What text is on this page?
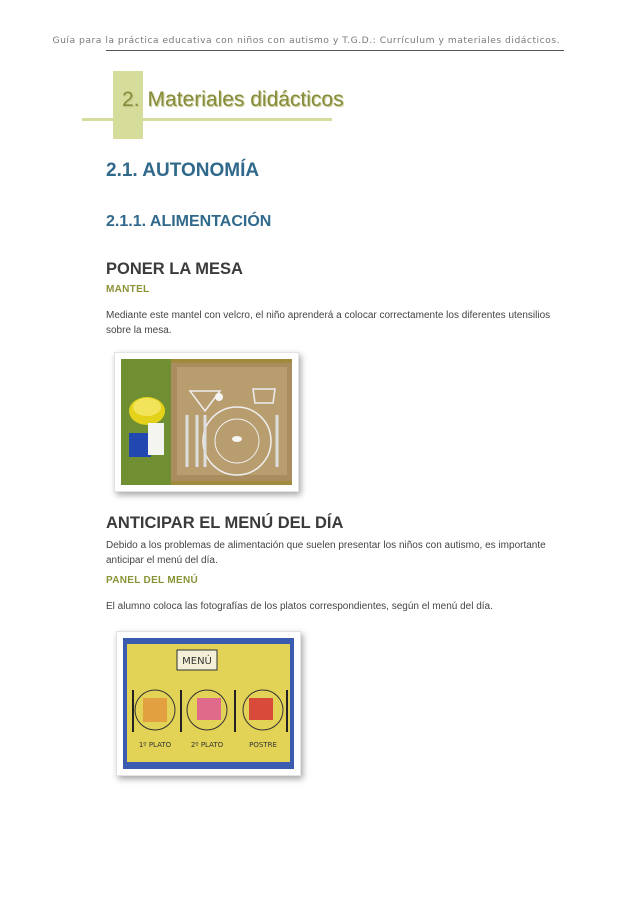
Guía para la práctica educativa con niños con autismo y T.G.D.: Currículum y materiales didácticos.
2. Materiales didácticos
2.1. AUTONOMÍA
2.1.1. ALIMENTACIÓN
PONER LA MESA
MANTEL
Mediante este mantel con velcro, el niño aprenderá a colocar correctamente los diferentes utensilios sobre la mesa.
ANTICIPAR EL MENÚ DEL DÍA
Debido a los problemas de alimentación que suelen presentar los niños con autismo, es importante anticipar el menú del día.
PANEL DEL MENÚ
El alumno coloca las fotografías de los platos correspondientes, según el menú del día.
MENÚ
1º PLATO	2º PLATO	POSTRE
